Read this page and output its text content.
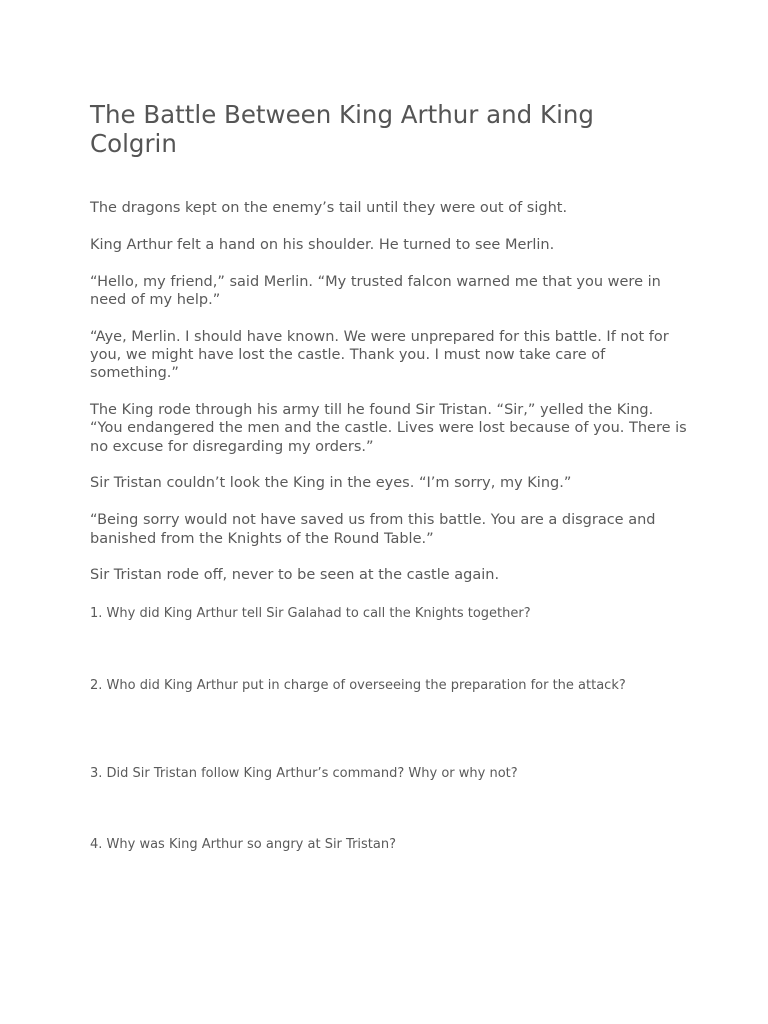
The Battle Between King Arthur and King Colgrin

The dragons kept on the enemy’s tail until they were out of sight.

King Arthur felt a hand on his shoulder. He turned to see Merlin.

“Hello, my friend,” said Merlin. “My trusted falcon warned me that you were in need of my help.”

“Aye, Merlin. I should have known. We were unprepared for this battle. If not for you, we might have lost the castle. Thank you. I must now take care of something.”

The King rode through his army till he found Sir Tristan. “Sir,” yelled the King. “You endangered the men and the castle. Lives were lost because of you. There is no excuse for disregarding my orders.”

Sir Tristan couldn’t look the King in the eyes. “I’m sorry, my King.”

“Being sorry would not have saved us from this battle. You are a disgrace and banished from the Knights of the Round Table.”

Sir Tristan rode off, never to be seen at the castle again.

1. Why did King Arthur tell Sir Galahad to call the Knights together?

2. Who did King Arthur put in charge of overseeing the preparation for the attack?

3. Did Sir Tristan follow King Arthur’s command? Why or why not?

4. Why was King Arthur so angry at Sir Tristan?
